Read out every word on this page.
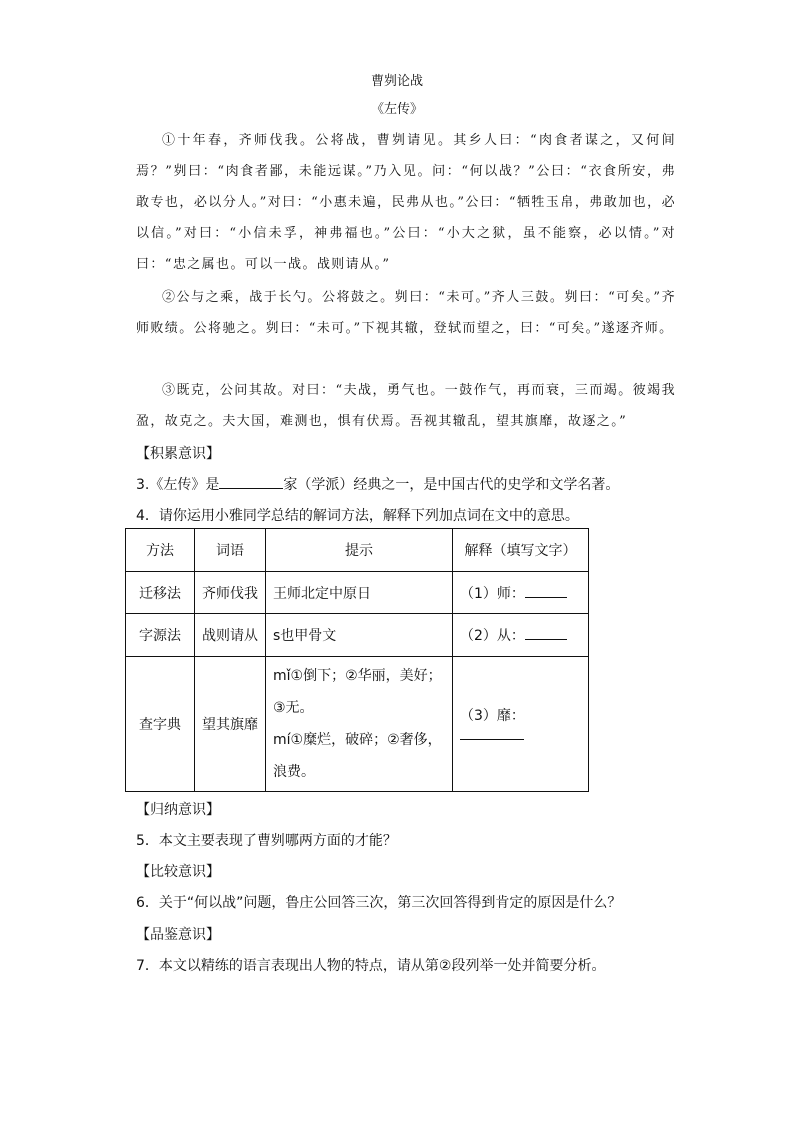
曹刿论战
《左传》

①十年春，齐师伐我。公将战，曹刿请见。其乡人曰：“肉食者谋之，又何间焉？”刿曰：“肉食者鄙，未能远谋。”乃入见。问：“何以战？”公曰：“衣食所安，弗敢专也，必以分人。”对曰：“小惠未遍，民弗从也。”公曰：“牺牲玉帛，弗敢加也，必以信。”对曰：“小信未孚，神弗福也。”公曰：“小大之狱，虽不能察，必以情。”对曰：“忠之属也。可以一战。战则请从。”

②公与之乘，战于长勺。公将鼓之。刿曰：“未可。”齐人三鼓。刿曰：“可矣。”齐师败绩。公将驰之。刿曰：“未可。”下视其辙，登轼而望之，曰：“可矣。”遂逐齐师。

③既克，公问其故。对曰：“夫战，勇气也。一鼓作气，再而衰，三而竭。彼竭我盈，故克之。夫大国，难测也，惧有伏焉。吾视其辙乱，望其旗靡，故逐之。”

【积累意识】
3.《左传》是	家（学派）经典之一，是中国古代的史学和文学名著。
4．请你运用小雅同学总结的解词方法，解释下列加点词在文中的意思。
方法	词语	提示	解释（填写文字）
迁移法	齐师伐我	王师北定中原日	（1）师：
字源法	战则请从	s也甲骨文	（2）从：
查字典	望其旗靡	mǐ①倒下；②华丽，美好；
③无。
mí①糜烂，破碎；②奢侈，
浪费。	（3）靡：
【归纳意识】
5．本文主要表现了曹刿哪两方面的才能？
【比较意识】
6．关于“何以战”问题，鲁庄公回答三次，第三次回答得到肯定的原因是什么？
【品鉴意识】
7．本文以精练的语言表现出人物的特点，请从第②段列举一处并简要分析。
